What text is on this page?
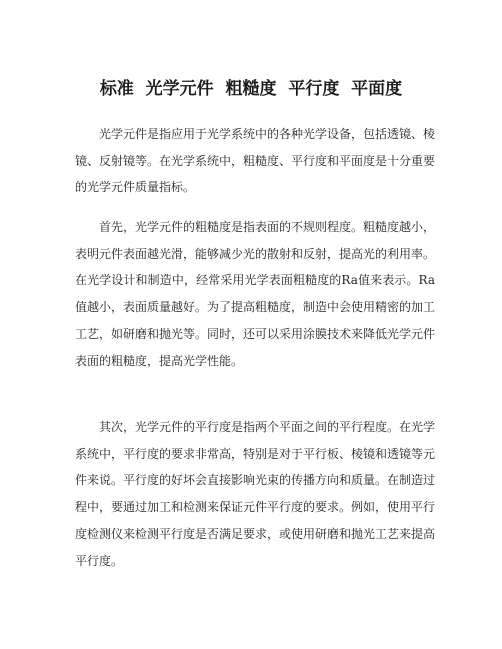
标准  光学元件  粗糙度  平行度  平面度

光学元件是指应用于光学系统中的各种光学设备，包括透镜、棱镜、反射镜等。在光学系统中，粗糙度、平行度和平面度是十分重要的光学元件质量指标。

首先，光学元件的粗糙度是指表面的不规则程度。粗糙度越小，表明元件表面越光滑，能够减少光的散射和反射，提高光的利用率。在光学设计和制造中，经常采用光学表面粗糙度的Ra值来表示。Ra值越小，表面质量越好。为了提高粗糙度，制造中会使用精密的加工工艺，如研磨和抛光等。同时，还可以采用涂膜技术来降低光学元件表面的粗糙度，提高光学性能。

其次，光学元件的平行度是指两个平面之间的平行程度。在光学系统中，平行度的要求非常高，特别是对于平行板、棱镜和透镜等元件来说。平行度的好坏会直接影响光束的传播方向和质量。在制造过程中，要通过加工和检测来保证元件平行度的要求。例如，使用平行度检测仪来检测平行度是否满足要求，或使用研磨和抛光工艺来提高平行度。
